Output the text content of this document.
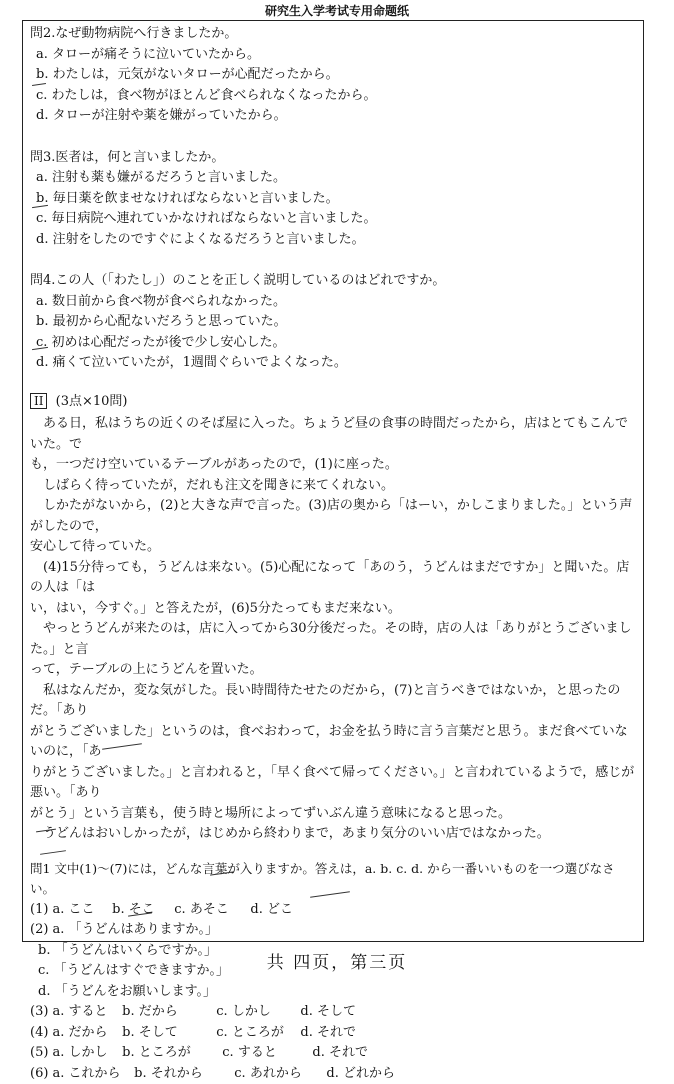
研究生入学考试专用命题纸

問2.なぜ動物病院へ行きましたか。

a. タローが痛そうに泣いていたから。

b. わたしは，元気がないタローが心配だったから。

c. わたしは，食べ物がほとんど食べられなくなったから。

d. タローが注射や薬を嫌がっていたから。

問3.医者は，何と言いましたか。

a. 注射も薬も嫌がるだろうと言いました。

b. 毎日薬を飲ませなければならないと言いました。

c. 毎日病院へ連れていかなければならないと言いました。

d. 注射をしたのですぐによくなるだろうと言いました。

問4.この人（「わたし」）のことを正しく説明しているのはどれですか。

a. 数日前から食べ物が食べられなかった。

b. 最初から心配ないだろうと思っていた。

c. 初めは心配だったが後で少し安心した。

d. 痛くて泣いていたが，1週間ぐらいでよくなった。

II (3点×10問)

ある日，私はうちの近くのそば屋に入った。ちょうど昼の食事の時間だったから，店はとてもこんでいた。で

も，一つだけ空いているテーブルがあったので，(1)に座った。

しばらく待っていたが，だれも注文を聞きに来てくれない。

しかたがないから，(2)と大きな声で言った。(3)店の奥から「はーい，かしこまりました。」という声がしたので，

安心して待っていた。

(4)15分待っても，うどんは来ない。(5)心配になって「あのう，うどんはまだですか」と聞いた。店の人は「は

い，はい，今すぐ。」と答えたが，(6)5分たってもまだ来ない。

やっとうどんが来たのは，店に入ってから30分後だった。その時，店の人は「ありがとうございました。」と言

って，テーブルの上にうどんを置いた。

私はなんだか，変な気がした。長い時間待たせたのだから，(7)と言うべきではないか，と思ったのだ。「あり

がとうございました」というのは，食べおわって，お金を払う時に言う言葉だと思う。まだ食べていないのに，「あ

りがとうございました。」と言われると，「早く食べて帰ってください。」と言われているようで，感じが悪い。「あり

がとう」という言葉も，使う時と場所によってずいぶん違う意味になると思った。

うどんはおいしかったが，はじめから終わりまで，あまり気分のいい店ではなかった。

問1 文中(1)～(7)には，どんな言葉が入りますか。答えは，a. b. c. d. から一番いいものを一つ選びなさい。

(1) a. ここ b. そこ c. あそこ d. どこ

(2) a. 「うどんはありますか。」

b. 「うどんはいくらですか。」

c. 「うどんはすぐできますか。」

d. 「うどんをお願いします。」

(3) a. すると b. だから	c. しかし d. そして

(4) a. だから b. そして	c. ところが d. それで

(5) a. しかし b. ところが c. すると	d. それで

(6) a. これから b. それから c. あれから d. どれから

共 四页，第三页
